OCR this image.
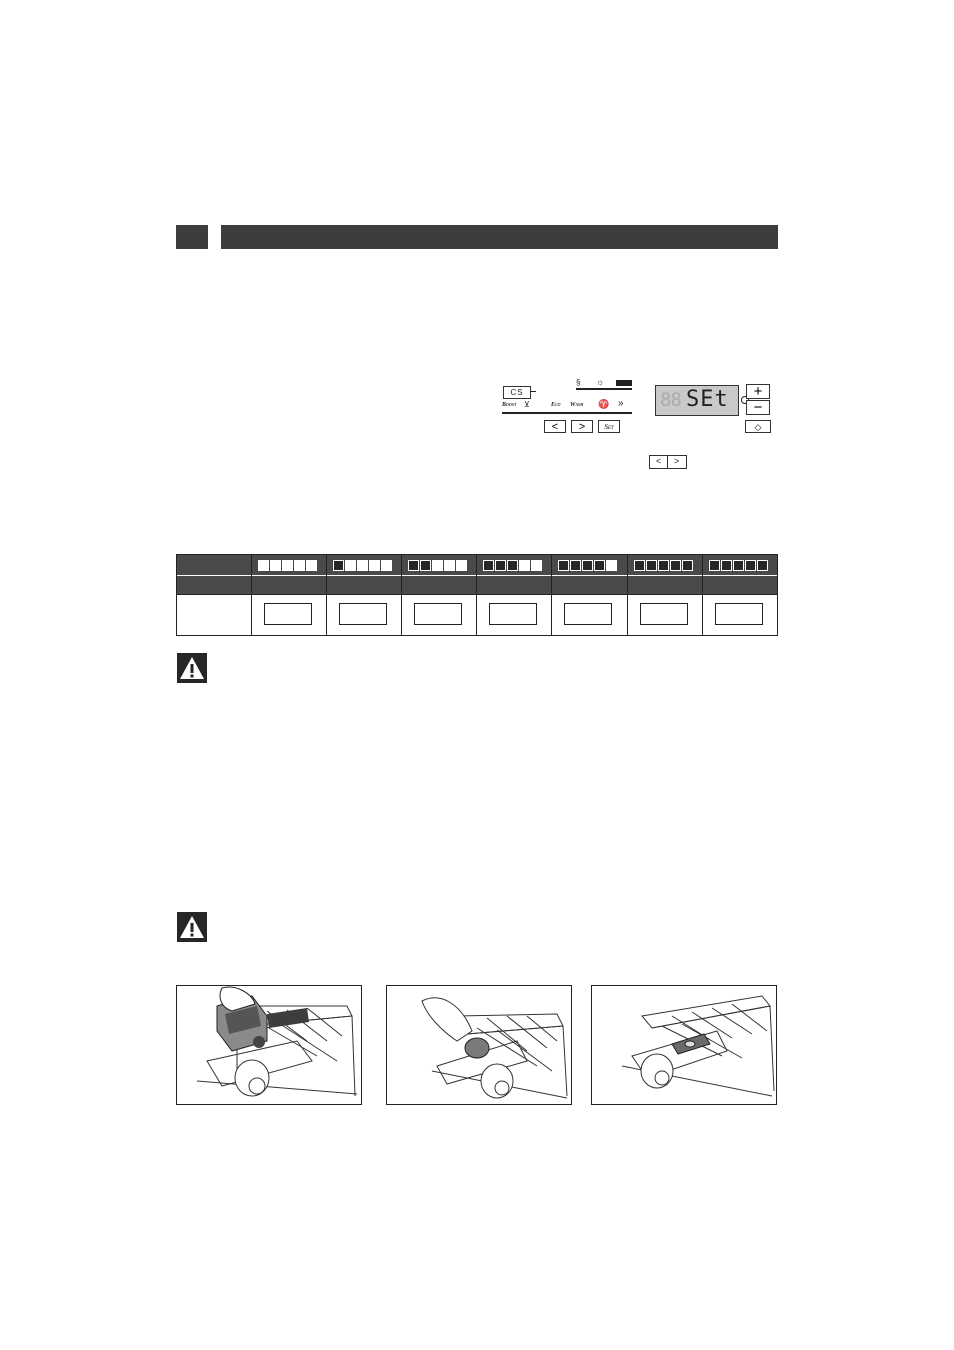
CS
§ ☼
Boost ⊻	Eco Wash ♈ »
<	>	Set
88 SEt	+
−
◇
< >
